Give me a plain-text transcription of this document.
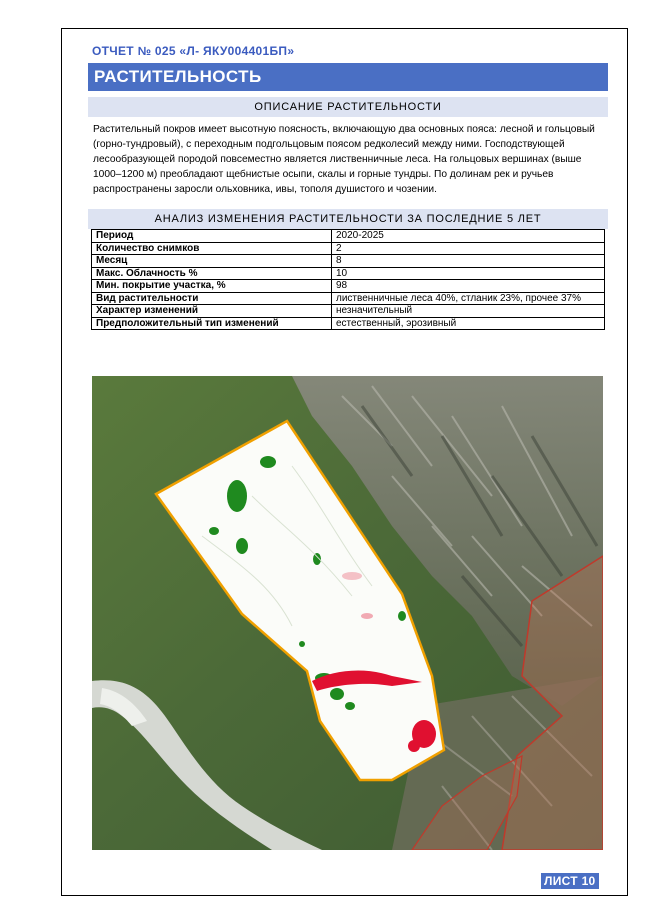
ОТЧЕТ № 025 «Л- ЯКУ004401БП»
РАСТИТЕЛЬНОСТЬ
ОПИСАНИЕ РАСТИТЕЛЬНОСТИ

Растительный покров имеет высотную поясность, включающую два основных пояса: лесной и гольцовый (горно-тундровый), с переходным подгольцовым поясом редколесий между ними. Господствующей лесообразующей породой повсеместно является лиственничные леса. На гольцовых вершинах (выше 1000–1200 м) преобладают щебнистые осыпи, скалы и горные тундры. По долинам рек и ручьев распространены заросли ольховника, ивы, тополя душистого и чозении.

АНАЛИЗ ИЗМЕНЕНИЯ РАСТИТЕЛЬНОСТИ ЗА ПОСЛЕДНИЕ 5 ЛЕТ
Период	2020-2025
Количество снимков	2
Месяц	8
Макс. Облачность %	10
Мин. покрытие участка, %	98
Вид растительности	лиственничные леса 40%, стланик 23%, прочее 37%
Характер изменений	незначительный
Предположительный тип изменений	естественный, эрозивный
ЛИСТ 10
